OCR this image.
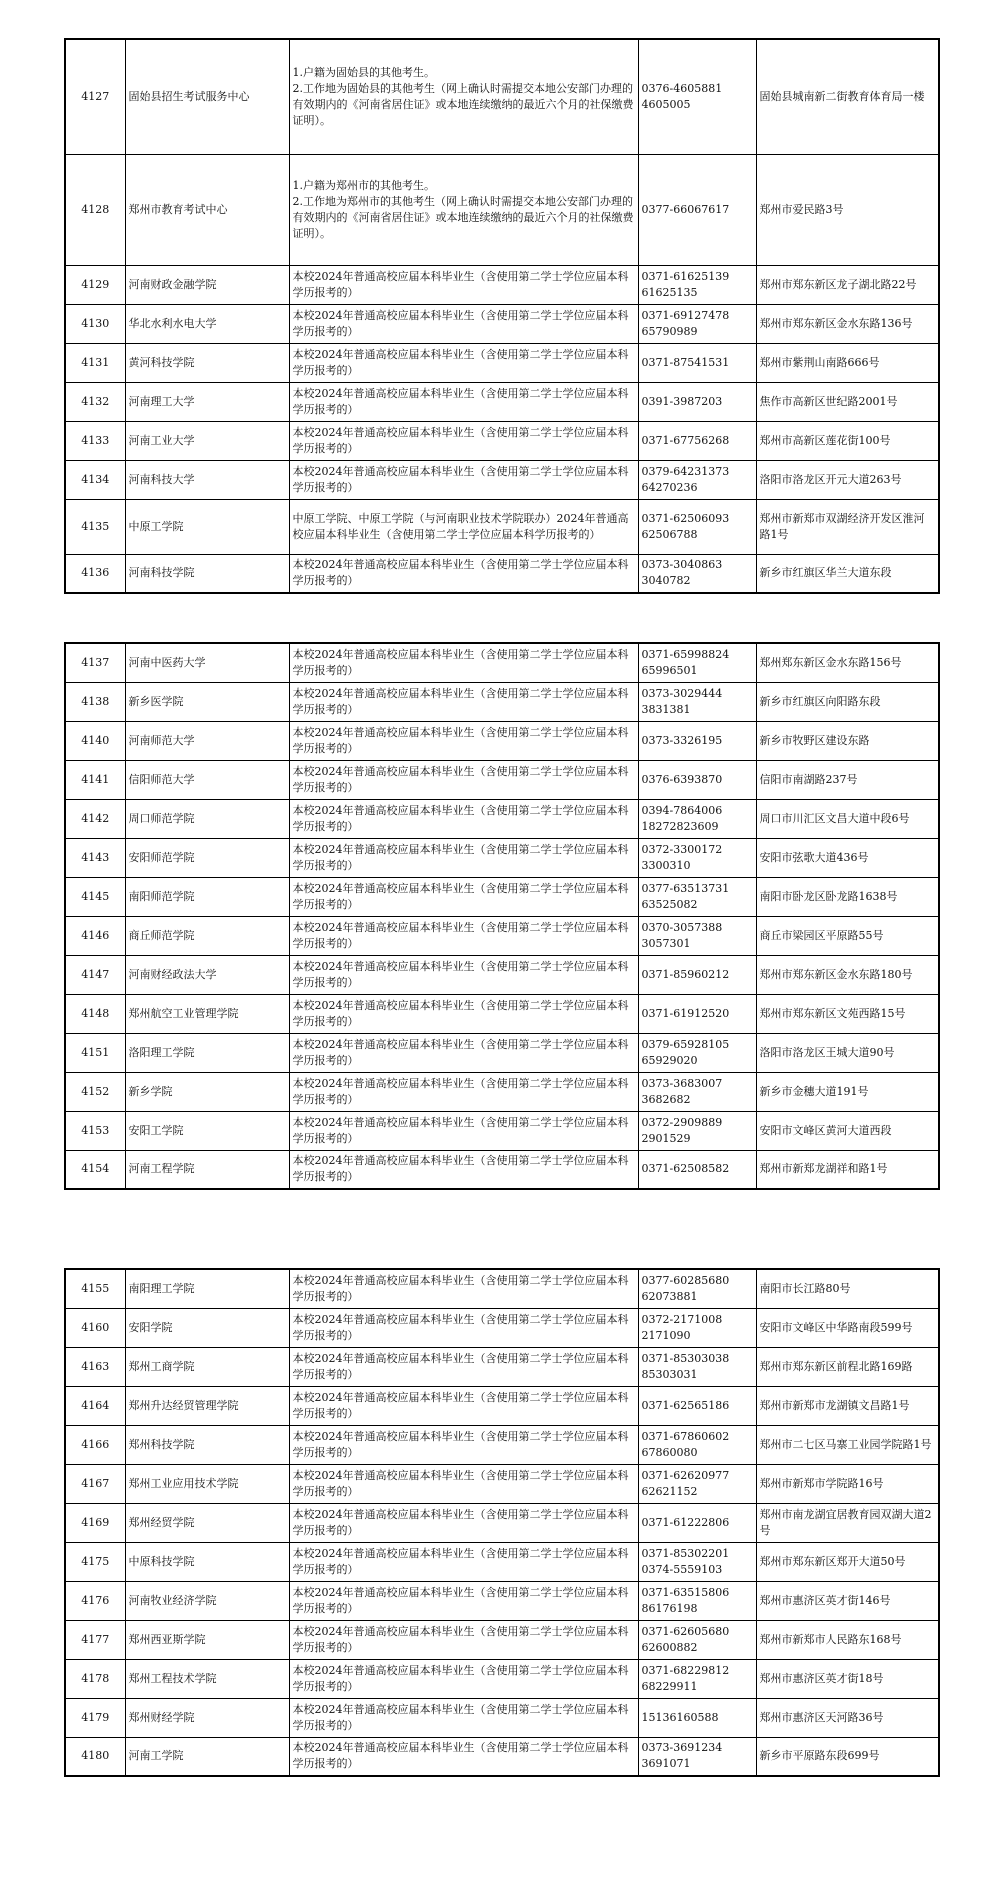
4127	固始县招生考试服务中心	1.户籍为固始县的其他考生。
2.工作地为固始县的其他考生（网上确认时需提交本地公安部门办理的有效期内的《河南省居住证》或本地连续缴纳的最近六个月的社保缴费证明）。	0376-4605881
4605005	固始县城南新二街教育体育局一楼
4128	郑州市教育考试中心	1.户籍为郑州市的其他考生。
2.工作地为郑州市的其他考生（网上确认时需提交本地公安部门办理的有效期内的《河南省居住证》或本地连续缴纳的最近六个月的社保缴费证明）。	0377-66067617	郑州市爱民路3号
4129	河南财政金融学院	本校2024年普通高校应届本科毕业生（含使用第二学士学位应届本科学历报考的）	0371-61625139
61625135	郑州市郑东新区龙子湖北路22号
4130	华北水利水电大学	本校2024年普通高校应届本科毕业生（含使用第二学士学位应届本科学历报考的）	0371-69127478
65790989	郑州市郑东新区金水东路136号
4131	黄河科技学院	本校2024年普通高校应届本科毕业生（含使用第二学士学位应届本科学历报考的）	0371-87541531	郑州市紫荆山南路666号
4132	河南理工大学	本校2024年普通高校应届本科毕业生（含使用第二学士学位应届本科学历报考的）	0391-3987203	焦作市高新区世纪路2001号
4133	河南工业大学	本校2024年普通高校应届本科毕业生（含使用第二学士学位应届本科学历报考的）	0371-67756268	郑州市高新区莲花街100号
4134	河南科技大学	本校2024年普通高校应届本科毕业生（含使用第二学士学位应届本科学历报考的）	0379-64231373
64270236	洛阳市洛龙区开元大道263号
4135	中原工学院	中原工学院、中原工学院（与河南职业技术学院联办）2024年普通高校应届本科毕业生（含使用第二学士学位应届本科学历报考的）	0371-62506093
62506788	郑州市新郑市双湖经济开发区淮河路1号
4136	河南科技学院	本校2024年普通高校应届本科毕业生（含使用第二学士学位应届本科学历报考的）	0373-3040863
3040782	新乡市红旗区华兰大道东段
4137	河南中医药大学	本校2024年普通高校应届本科毕业生（含使用第二学士学位应届本科学历报考的）	0371-65998824
65996501	郑州郑东新区金水东路156号
4138	新乡医学院	本校2024年普通高校应届本科毕业生（含使用第二学士学位应届本科学历报考的）	0373-3029444
3831381	新乡市红旗区向阳路东段
4140	河南师范大学	本校2024年普通高校应届本科毕业生（含使用第二学士学位应届本科学历报考的）	0373-3326195	新乡市牧野区建设东路
4141	信阳师范大学	本校2024年普通高校应届本科毕业生（含使用第二学士学位应届本科学历报考的）	0376-6393870	信阳市南湖路237号
4142	周口师范学院	本校2024年普通高校应届本科毕业生（含使用第二学士学位应届本科学历报考的）	0394-7864006
18272823609	周口市川汇区文昌大道中段6号
4143	安阳师范学院	本校2024年普通高校应届本科毕业生（含使用第二学士学位应届本科学历报考的）	0372-3300172
3300310	安阳市弦歌大道436号
4145	南阳师范学院	本校2024年普通高校应届本科毕业生（含使用第二学士学位应届本科学历报考的）	0377-63513731
63525082	南阳市卧龙区卧龙路1638号
4146	商丘师范学院	本校2024年普通高校应届本科毕业生（含使用第二学士学位应届本科学历报考的）	0370-3057388
3057301	商丘市梁园区平原路55号
4147	河南财经政法大学	本校2024年普通高校应届本科毕业生（含使用第二学士学位应届本科学历报考的）	0371-85960212	郑州市郑东新区金水东路180号
4148	郑州航空工业管理学院	本校2024年普通高校应届本科毕业生（含使用第二学士学位应届本科学历报考的）	0371-61912520	郑州市郑东新区文苑西路15号
4151	洛阳理工学院	本校2024年普通高校应届本科毕业生（含使用第二学士学位应届本科学历报考的）	0379-65928105
65929020	洛阳市洛龙区王城大道90号
4152	新乡学院	本校2024年普通高校应届本科毕业生（含使用第二学士学位应届本科学历报考的）	0373-3683007
3682682	新乡市金穗大道191号
4153	安阳工学院	本校2024年普通高校应届本科毕业生（含使用第二学士学位应届本科学历报考的）	0372-2909889
2901529	安阳市文峰区黄河大道西段
4154	河南工程学院	本校2024年普通高校应届本科毕业生（含使用第二学士学位应届本科学历报考的）	0371-62508582	郑州市新郑龙湖祥和路1号
4155	南阳理工学院	本校2024年普通高校应届本科毕业生（含使用第二学士学位应届本科学历报考的）	0377-60285680
62073881	南阳市长江路80号
4160	安阳学院	本校2024年普通高校应届本科毕业生（含使用第二学士学位应届本科学历报考的）	0372-2171008
2171090	安阳市文峰区中华路南段599号
4163	郑州工商学院	本校2024年普通高校应届本科毕业生（含使用第二学士学位应届本科学历报考的）	0371-85303038
85303031	郑州市郑东新区前程北路169路
4164	郑州升达经贸管理学院	本校2024年普通高校应届本科毕业生（含使用第二学士学位应届本科学历报考的）	0371-62565186	郑州市新郑市龙湖镇文昌路1号
4166	郑州科技学院	本校2024年普通高校应届本科毕业生（含使用第二学士学位应届本科学历报考的）	0371-67860602
67860080	郑州市二七区马寨工业园学院路1号
4167	郑州工业应用技术学院	本校2024年普通高校应届本科毕业生（含使用第二学士学位应届本科学历报考的）	0371-62620977
62621152	郑州市新郑市学院路16号
4169	郑州经贸学院	本校2024年普通高校应届本科毕业生（含使用第二学士学位应届本科学历报考的）	0371-61222806	郑州市南龙湖宜居教育园双湖大道2号
4175	中原科技学院	本校2024年普通高校应届本科毕业生（含使用第二学士学位应届本科学历报考的）	0371-85302201
0374-5559103	郑州市郑东新区郑开大道50号
4176	河南牧业经济学院	本校2024年普通高校应届本科毕业生（含使用第二学士学位应届本科学历报考的）	0371-63515806
86176198	郑州市惠济区英才街146号
4177	郑州西亚斯学院	本校2024年普通高校应届本科毕业生（含使用第二学士学位应届本科学历报考的）	0371-62605680
62600882	郑州市新郑市人民路东168号
4178	郑州工程技术学院	本校2024年普通高校应届本科毕业生（含使用第二学士学位应届本科学历报考的）	0371-68229812
68229911	郑州市惠济区英才街18号
4179	郑州财经学院	本校2024年普通高校应届本科毕业生（含使用第二学士学位应届本科学历报考的）	15136160588	郑州市惠济区天河路36号
4180	河南工学院	本校2024年普通高校应届本科毕业生（含使用第二学士学位应届本科学历报考的）	0373-3691234
3691071	新乡市平原路东段699号
